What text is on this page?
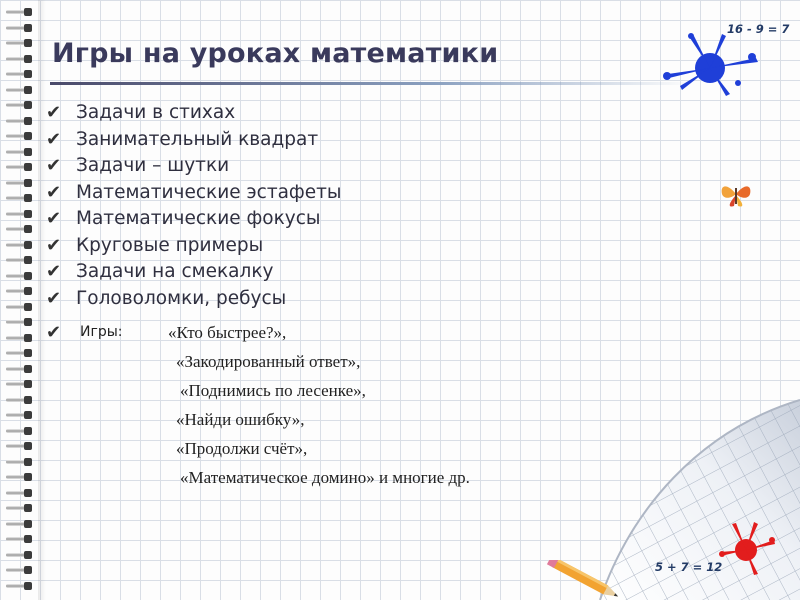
16 - 9 = 7
5 + 7 = 12
Игры на уроках математики
✔ Задачи в стихах
✔ Занимательный квадрат
✔ Задачи – шутки
✔ Математические эстафеты
✔ Математические фокусы
✔ Круговые примеры
✔ Задачи на смекалку
✔ Головоломки, ребусы
✔	Игры:	«Кто быстрее?»,
«Закодированный ответ»,
«Поднимись по лесенке»,
«Найди ошибку»,
«Продолжи счёт»,
«Математическое домино» и многие др.
